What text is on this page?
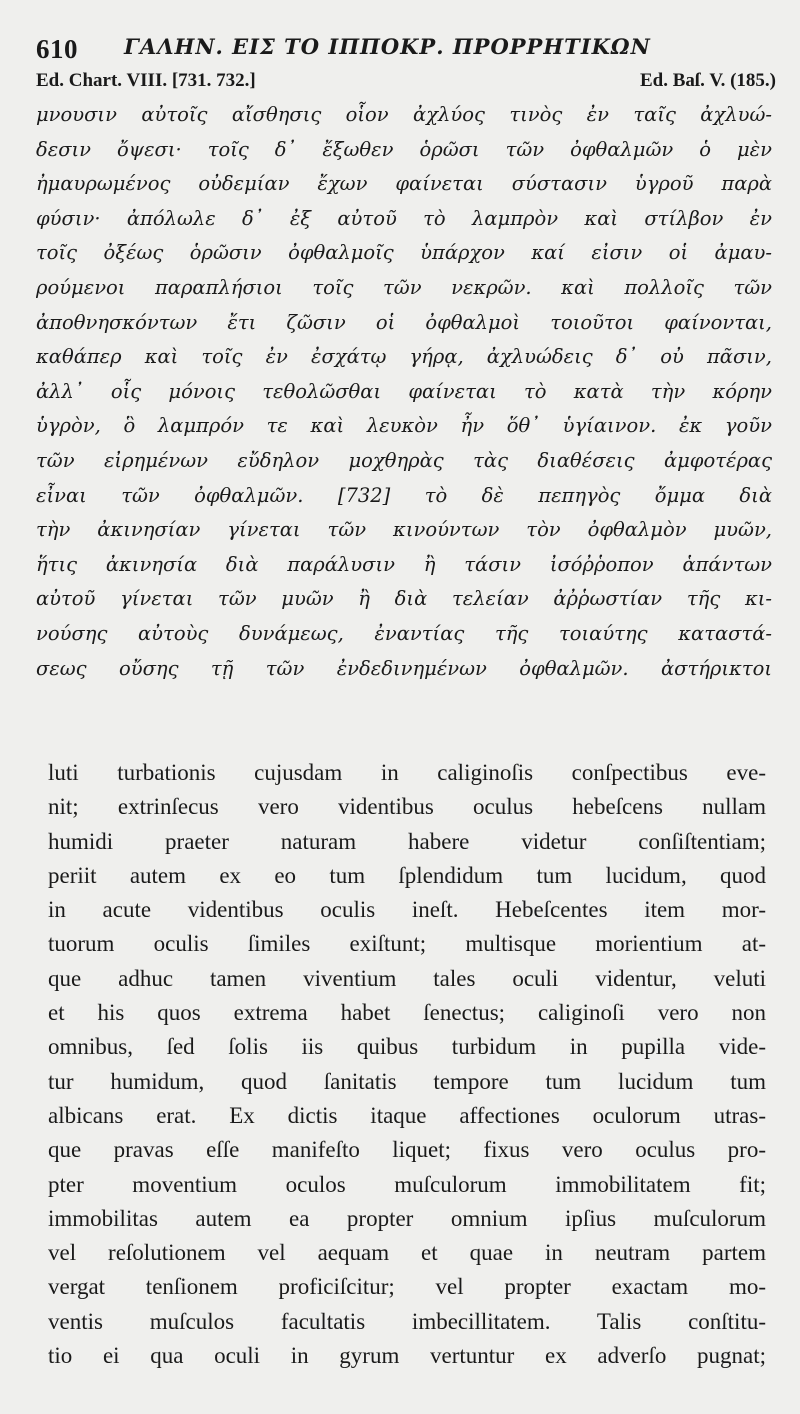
610 ΓΑΛΗΝ. ΕΙΣ ΤΟ ΙΠΠΟΚΡ. ΠΡΟΡΡΗΤΙΚΩΝ
Ed. Chart. VIII. [731. 732.]	Ed. Baſ. V. (185.)
μνουσιν αὐτοῖς αἴσθησις οἷον ἀχλύος τινὸς ἐν ταῖς ἀχλυώ-
δεσιν ὄψεσι· τοῖς δ᾽ ἔξωθεν ὁρῶσι τῶν ὀφθαλμῶν ὁ μὲν
ἠμαυρωμένος οὐδεμίαν ἔχων φαίνεται σύστασιν ὑγροῦ παρὰ
φύσιν· ἀπόλωλε δ᾽ ἐξ αὐτοῦ τὸ λαμπρὸν καὶ στίλβον ἐν
τοῖς ὀξέως ὁρῶσιν ὀφθαλμοῖς ὑπάρχον καί εἰσιν οἱ ἀμαυ-
ρούμενοι παραπλήσιοι τοῖς τῶν νεκρῶν. καὶ πολλοῖς τῶν
ἀποθνησκόντων ἔτι ζῶσιν οἱ ὀφθαλμοὶ τοιοῦτοι φαίνονται,
καθάπερ καὶ τοῖς ἐν ἐσχάτῳ γήρᾳ, ἀχλυώδεις δ᾽ οὐ πᾶσιν,
ἀλλ᾽ οἷς μόνοις τεθολῶσθαι φαίνεται τὸ κατὰ τὴν κόρην
ὑγρὸν, ὃ λαμπρόν τε καὶ λευκὸν ἦν ὅθ᾽ ὑγίαινον. ἐκ γοῦν
τῶν εἰρημένων εὔδηλον μοχθηρὰς τὰς διαθέσεις ἀμφοτέρας
εἶναι τῶν ὀφθαλμῶν. [732] τὸ δὲ πεπηγὸς ὄμμα διὰ
τὴν ἀκινησίαν γίνεται τῶν κινούντων τὸν ὀφθαλμὸν μυῶν,
ἥτις ἀκινησία διὰ παράλυσιν ἢ τάσιν ἰσόῤῥοπον ἁπάντων
αὐτοῦ γίνεται τῶν μυῶν ἢ διὰ τελείαν ἀῤῥωστίαν τῆς κι-
νούσης αὐτοὺς δυνάμεως, ἐναντίας τῆς τοιαύτης καταστά-
σεως οὔσης τῇ τῶν ἐνδεδινημένων ὀφθαλμῶν. ἀστήρικτοι
luti turbationis cujusdam in caliginoſis conſpectibus eve-
nit; extrinſecus vero videntibus oculus hebeſcens nullam
humidi praeter naturam habere videtur conſiſtentiam;
periit autem ex eo tum ſplendidum tum lucidum, quod
in acute videntibus oculis ineſt. Hebeſcentes item mor-
tuorum oculis ſimiles exiſtunt; multisque morientium at-
que adhuc tamen viventium tales oculi videntur, veluti
et his quos extrema habet ſenectus; caliginoſi vero non
omnibus, ſed ſolis iis quibus turbidum in pupilla vide-
tur humidum, quod ſanitatis tempore tum lucidum tum
albicans erat. Ex dictis itaque affectiones oculorum utras-
que pravas eſſe manifeſto liquet; fixus vero oculus pro-
pter moventium oculos muſculorum immobilitatem fit;
immobilitas autem ea propter omnium ipſius muſculorum
vel reſolutionem vel aequam et quae in neutram partem
vergat tenſionem proficiſcitur; vel propter exactam mo-
ventis muſculos facultatis imbecillitatem. Talis conſtitu-
tio ei qua oculi in gyrum vertuntur ex adverſo pugnat;
